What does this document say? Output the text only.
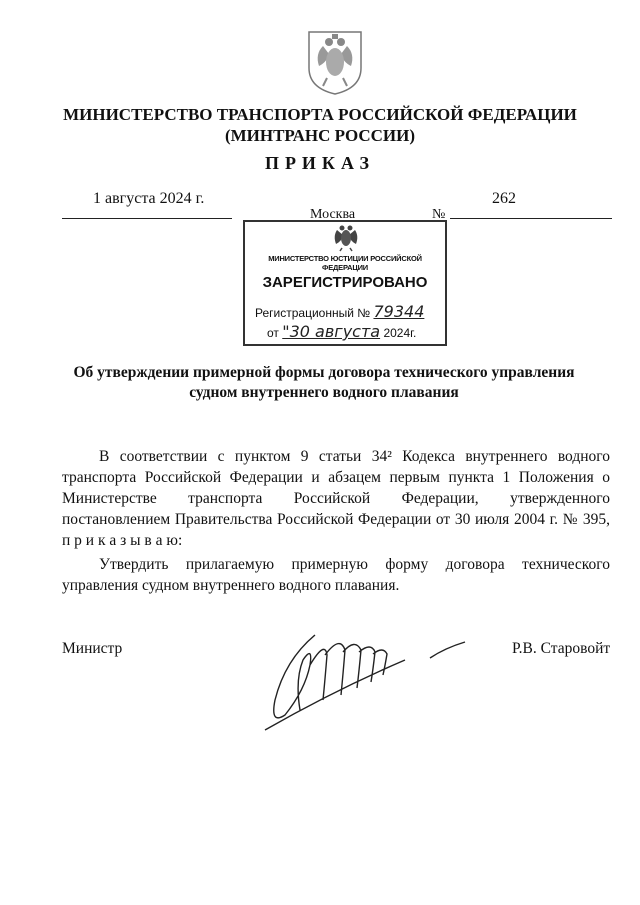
МИНИСТЕРСТВО ТРАНСПОРТА РОССИЙСКОЙ ФЕДЕРАЦИИ
(МИНТРАНС РОССИИ)
ПРИКАЗ
1 августа 2024 г.
Москва	№
262
МИНИСТЕРСТВО ЮСТИЦИИ РОССИЙСКОЙ ФЕДЕРАЦИИ
ЗАРЕГИСТРИРОВАНО
Регистрационный № 79344
от "30 августа 2024г.
Об утверждении примерной формы договора технического управления судном внутреннего водного плавания
В соответствии с пунктом 9 статьи 34² Кодекса внутреннего водного транспорта Российской Федерации и абзацем первым пункта 1 Положения о Министерстве транспорта Российской Федерации, утвержденного постановлением Правительства Российской Федерации от 30 июля 2004 г. № 395, п р и к а з ы в а ю:
Утвердить прилагаемую примерную форму договора технического управления судном внутреннего водного плавания.
Министр	Р.В. Старовойт
